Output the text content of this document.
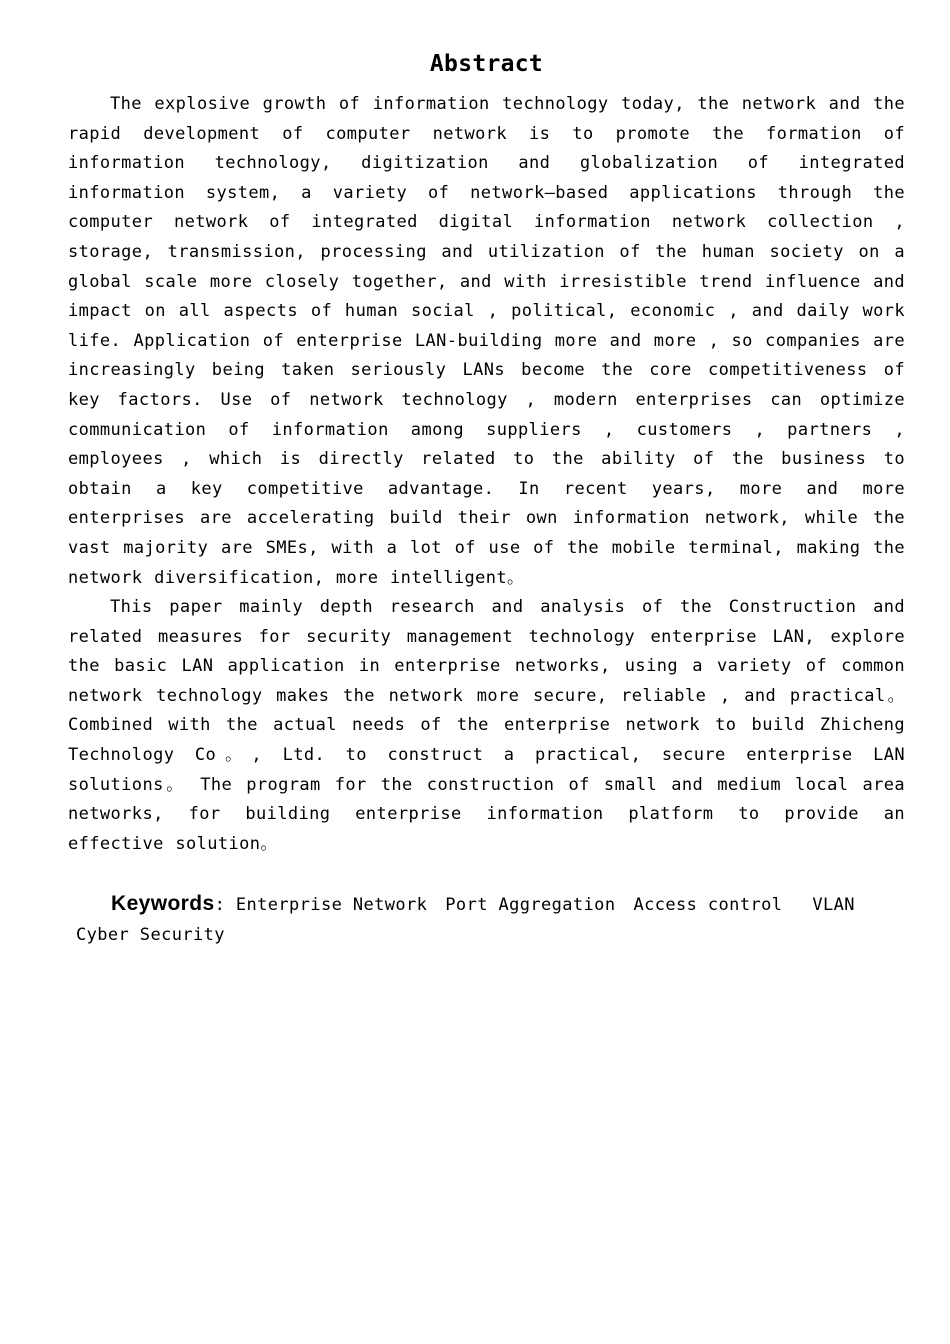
Abstract

The explosive growth of information technology today, the network and the rapid development of computer network is to promote the formation of information technology, digitization and globalization of integrated information system, a variety of network—based applications through the computer network of integrated digital information network collection , storage, transmission, processing and utilization of the human society on a global scale more closely together, and with irresistible trend influence and impact on all aspects of human social , political, economic , and daily work life. Application of enterprise LAN-building more and more , so companies are increasingly being taken seriously LANs become the core competitiveness of key factors. Use of network technology , modern enterprises can optimize communication of information among suppliers , customers , partners , employees , which is directly related to the ability of the business to obtain a key competitive advantage. In recent years, more and more enterprises are accelerating build their own information network, while the vast majority are SMEs, with a lot of use of the mobile terminal, making the network diversification, more intelligent。

This paper mainly depth research and analysis of the Construction and related measures for security management technology enterprise LAN, explore the basic LAN application in enterprise networks, using a variety of common network technology makes the network more secure, reliable , and practical。 Combined with the actual needs of the enterprise network to build Zhicheng Technology Co。, Ltd. to construct a practical, secure enterprise LAN solutions。 The program for the construction of small and medium local area networks, for building enterprise information platform to provide an effective solution。

Keywords: Enterprise Network Port Aggregation Access control VLAN
Cyber Security
